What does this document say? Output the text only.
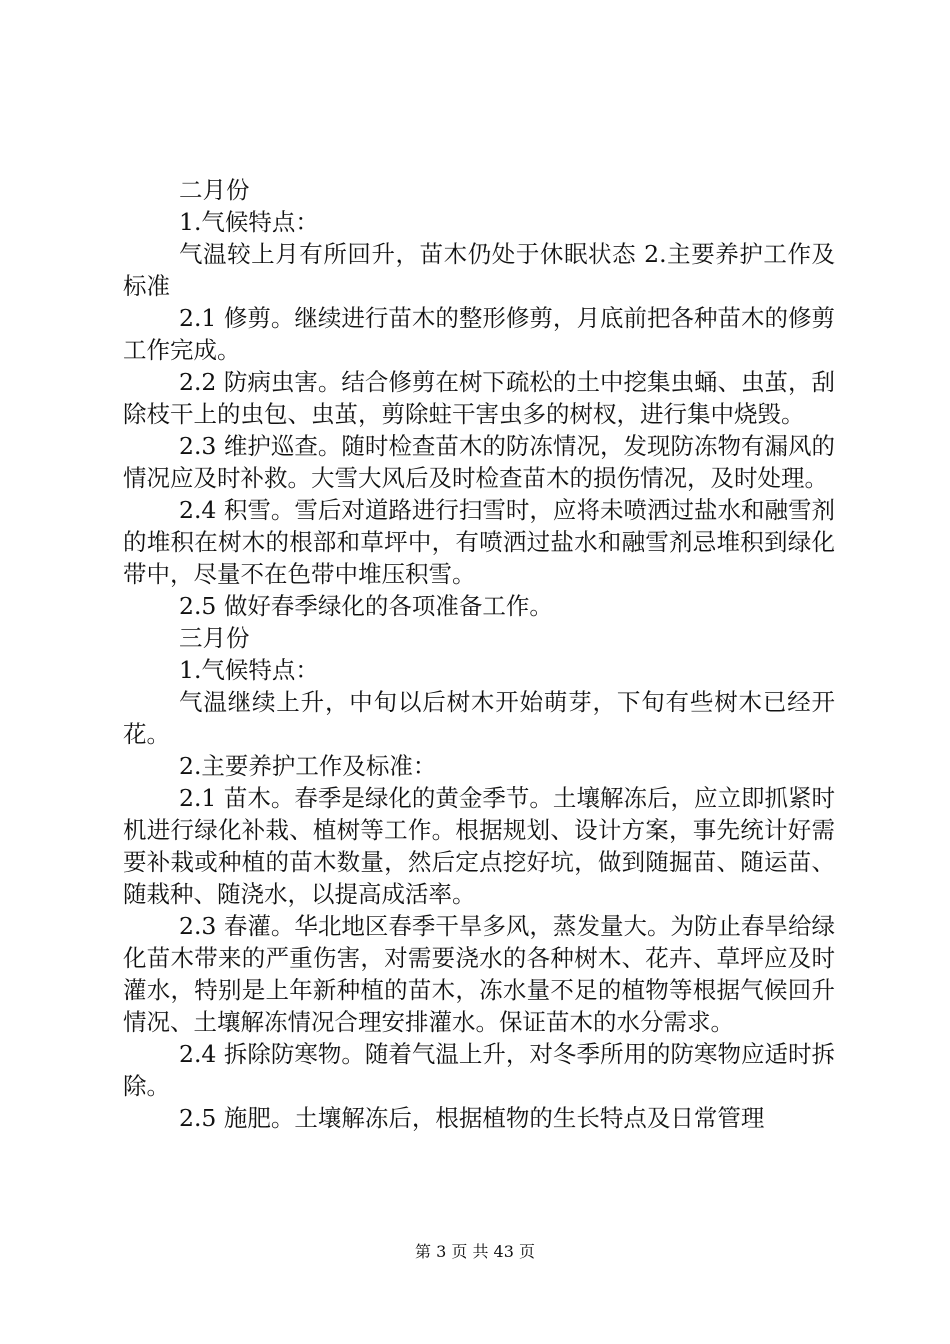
二月份

1.气候特点：

气温较上月有所回升，苗木仍处于休眠状态 2.主要养护工作及标准

2.1 修剪。继续进行苗木的整形修剪，月底前把各种苗木的修剪工作完成。

2.2 防病虫害。结合修剪在树下疏松的土中挖集虫蛹、虫茧，刮除枝干上的虫包、虫茧，剪除蛀干害虫多的树杈，进行集中烧毁。

2.3 维护巡查。随时检查苗木的防冻情况，发现防冻物有漏风的情况应及时补救。大雪大风后及时检查苗木的损伤情况，及时处理。

2.4 积雪。雪后对道路进行扫雪时，应将未喷洒过盐水和融雪剂的堆积在树木的根部和草坪中，有喷洒过盐水和融雪剂忌堆积到绿化带中，尽量不在色带中堆压积雪。

2.5 做好春季绿化的各项准备工作。

三月份

1.气候特点：

气温继续上升，中旬以后树木开始萌芽，下旬有些树木已经开花。

2.主要养护工作及标准：

2.1 苗木。春季是绿化的黄金季节。土壤解冻后，应立即抓紧时机进行绿化补栽、植树等工作。根据规划、设计方案，事先统计好需要补栽或种植的苗木数量，然后定点挖好坑，做到随掘苗、随运苗、随栽种、随浇水，以提高成活率。

2.3 春灌。华北地区春季干旱多风，蒸发量大。为防止春旱给绿化苗木带来的严重伤害，对需要浇水的各种树木、花卉、草坪应及时灌水，特别是上年新种植的苗木，冻水量不足的植物等根据气候回升情况、土壤解冻情况合理安排灌水。保证苗木的水分需求。

2.4 拆除防寒物。随着气温上升，对冬季所用的防寒物应适时拆除。

2.5 施肥。土壤解冻后，根据植物的生长特点及日常管理

第 3 页 共 43 页
